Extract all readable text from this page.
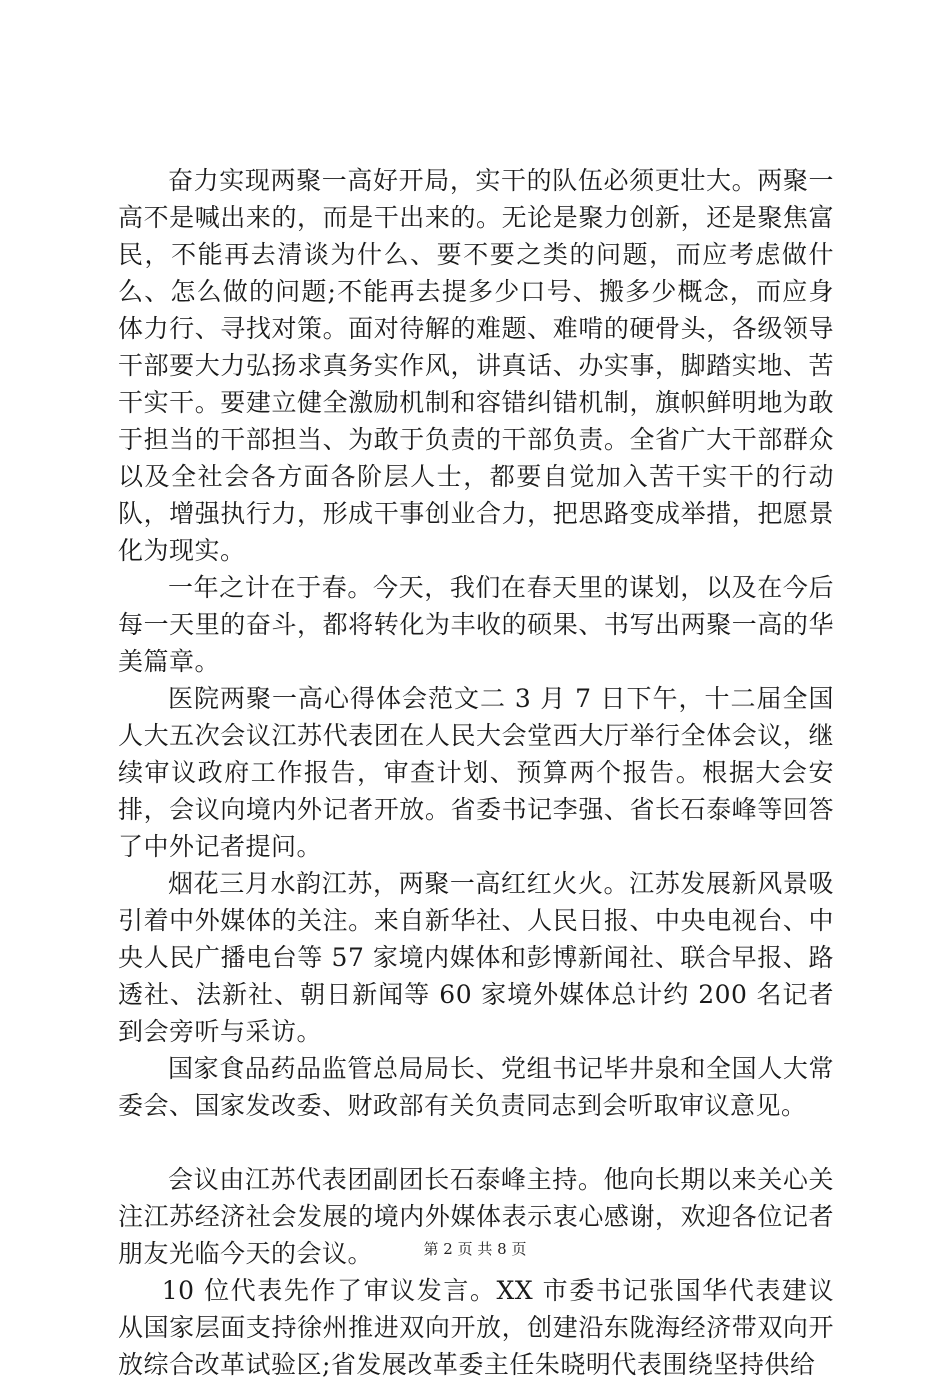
奋力实现两聚一高好开局，实干的队伍必须更壮大。两聚一高不是喊出来的，而是干出来的。无论是聚力创新，还是聚焦富民，不能再去清谈为什么、要不要之类的问题，而应考虑做什么、怎么做的问题;不能再去提多少口号、搬多少概念，而应身体力行、寻找对策。面对待解的难题、难啃的硬骨头，各级领导干部要大力弘扬求真务实作风，讲真话、办实事，脚踏实地、苦干实干。要建立健全激励机制和容错纠错机制，旗帜鲜明地为敢于担当的干部担当、为敢于负责的干部负责。全省广大干部群众以及全社会各方面各阶层人士，都要自觉加入苦干实干的行动队，增强执行力，形成干事创业合力，把思路变成举措，把愿景化为现实。

一年之计在于春。今天，我们在春天里的谋划，以及在今后每一天里的奋斗，都将转化为丰收的硕果、书写出两聚一高的华美篇章。

医院两聚一高心得体会范文二 3 月 7 日下午，十二届全国人大五次会议江苏代表团在人民大会堂西大厅举行全体会议，继续审议政府工作报告，审查计划、预算两个报告。根据大会安排，会议向境内外记者开放。省委书记李强、省长石泰峰等回答了中外记者提问。

烟花三月水韵江苏，两聚一高红红火火。江苏发展新风景吸引着中外媒体的关注。来自新华社、人民日报、中央电视台、中央人民广播电台等 57 家境内媒体和彭博新闻社、联合早报、路透社、法新社、朝日新闻等 60 家境外媒体总计约 200 名记者到会旁听与采访。

国家食品药品监管总局局长、党组书记毕井泉和全国人大常委会、国家发改委、财政部有关负责同志到会听取审议意见。

会议由江苏代表团副团长石泰峰主持。他向长期以来关心关注江苏经济社会发展的境内外媒体表示衷心感谢，欢迎各位记者朋友光临今天的会议。

10 位代表先作了审议发言。XX 市委书记张国华代表建议从国家层面支持徐州推进双向开放，创建沿东陇海经济带双向开放综合改革试验区;省发展改革委主任朱晓明代表围绕坚持供给

第 2 页 共 8 页
